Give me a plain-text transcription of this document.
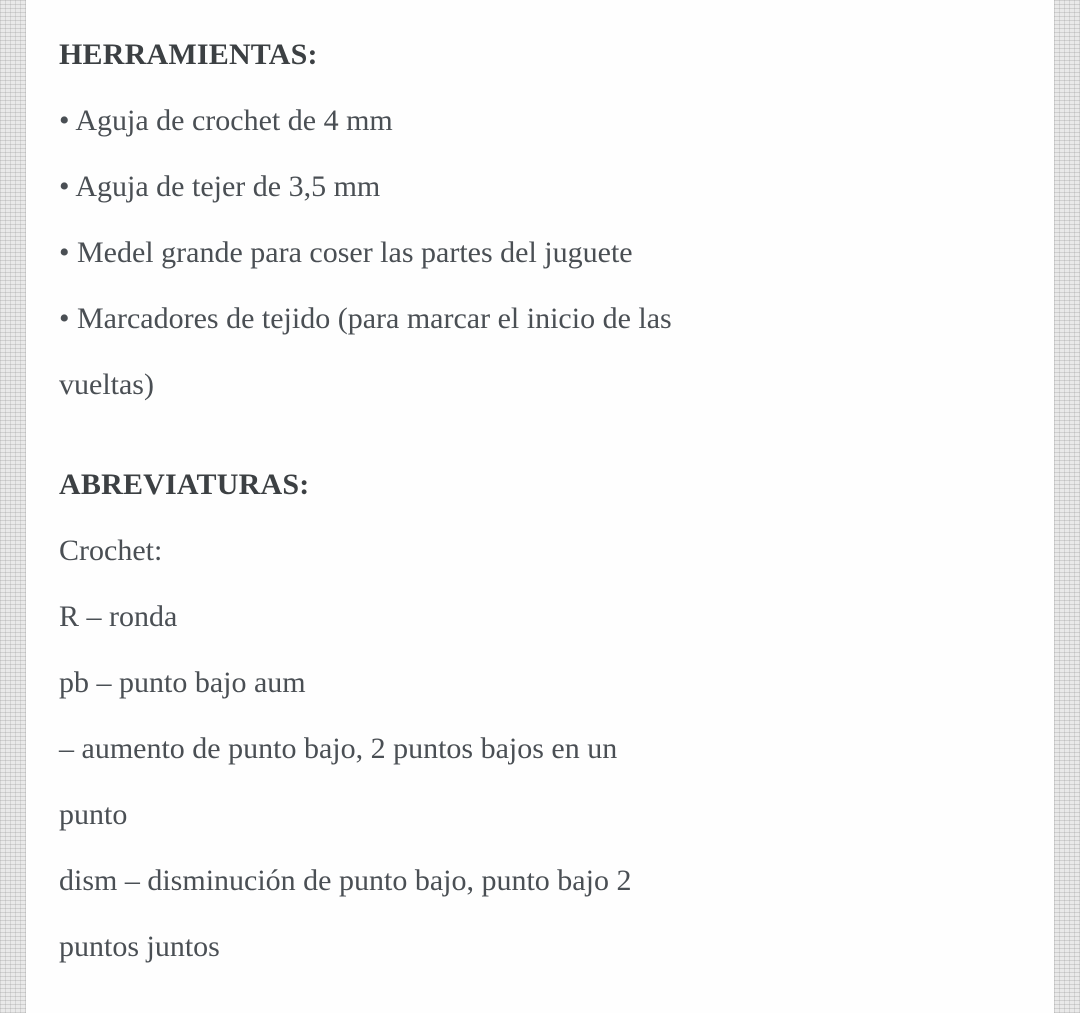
HERRAMIENTAS:
• Aguja de crochet de 4 mm
• Aguja de tejer de 3,5 mm
• Medel grande para coser las partes del juguete
• Marcadores de tejido (para marcar el inicio de las
vueltas)
ABREVIATURAS:
Crochet:
R – ronda
pb – punto bajo aum
– aumento de punto bajo, 2 puntos bajos en un
punto
dism – disminución de punto bajo, punto bajo 2
puntos juntos
